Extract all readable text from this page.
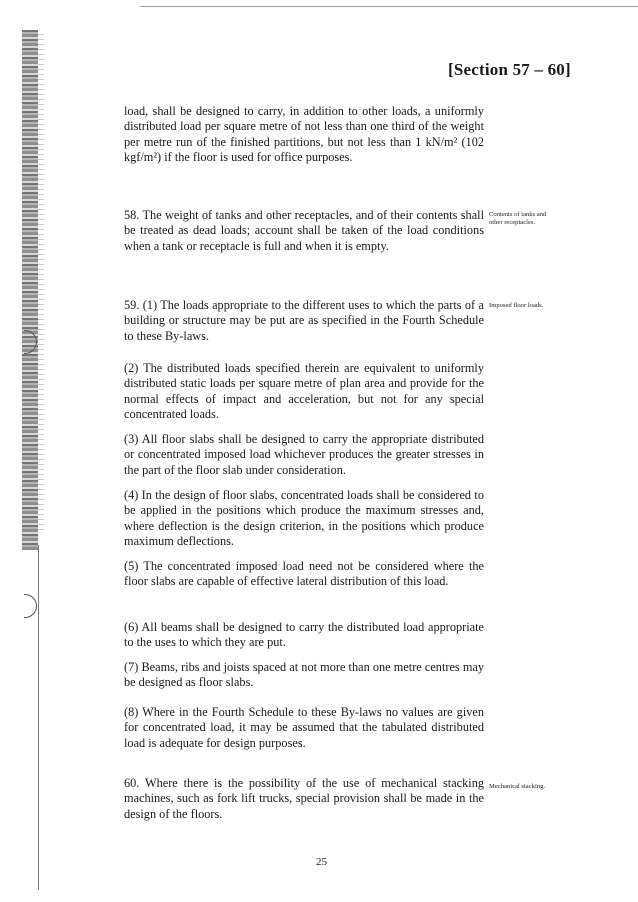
[Section 57 – 60]

load, shall be designed to carry, in addition to other loads, a uniformly distributed load per square metre of not less than one third of the weight per metre run of the finished partitions, but not less than 1 kN/m² (102 kgf/m²) if the floor is used for office purposes.

58. The weight of tanks and other receptacles, and of their contents shall be treated as dead loads; account shall be taken of the load conditions when a tank or receptacle is full and when it is empty.

Contents of tanks and other receptacles.

59. (1) The loads appropriate to the different uses to which the parts of a building or structure may be put are as specified in the Fourth Schedule to these By-laws.

Imposed floor loads.

(2) The distributed loads specified therein are equivalent to uniformly distributed static loads per square metre of plan area and provide for the normal effects of impact and acceleration, but not for any special concentrated loads.

(3) All floor slabs shall be designed to carry the appropriate distributed or concentrated imposed load whichever produces the greater stresses in the part of the floor slab under consideration.

(4) In the design of floor slabs, concentrated loads shall be considered to be applied in the positions which produce the maximum stresses and, where deflection is the design criterion, in the positions which produce maximum deflections.

(5) The concentrated imposed load need not be considered where the floor slabs are capable of effective lateral distribution of this load.

(6) All beams shall be designed to carry the distributed load appropriate to the uses to which they are put.

(7) Beams, ribs and joists spaced at not more than one metre centres may be designed as floor slabs.

(8) Where in the Fourth Schedule to these By-laws no values are given for concentrated load, it may be assumed that the tabulated distributed load is adequate for design purposes.

60. Where there is the possibility of the use of mechanical stacking machines, such as fork lift trucks, special provision shall be made in the design of the floors.

Mechanical stacking.

25
